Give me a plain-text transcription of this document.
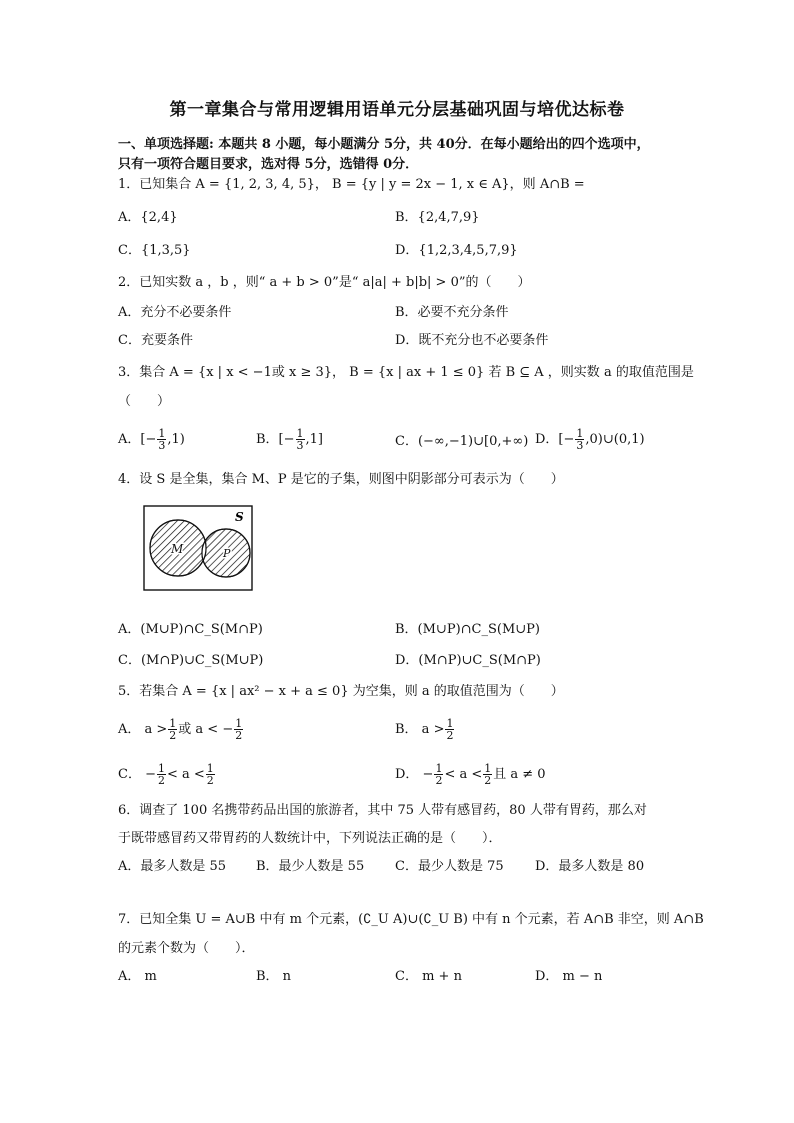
第一章集合与常用逻辑用语单元分层基础巩固与培优达标卷
一、单项选择题: 本题共 8 小题，每小题满分 5分，共 40分．在每小题给出的四个选项中，
只有一项符合题目要求，选对得 5分，选错得 0分．
1．已知集合 A = {1, 2, 3, 4, 5}， B = {y | y = 2x − 1, x ∈ A}，则 A∩B =
A．{2,4}	B．{2,4,7,9}
C．{1,3,5}	D．{1,2,3,4,5,7,9}
2．已知实数 a ，b ，则“ a + b > 0”是“ a|a| + b|b| > 0”的（　　）
A．充分不必要条件	B．必要不充分条件
C．充要条件	D．既不充分也不必要条件
3．集合 A = {x | x < −1或 x ≥ 3}， B = {x | ax + 1 ≤ 0} 若 B ⊆ A ，则实数 a 的取值范围是
（　　）
A．[− $\frac{1}{3} ,1$)	B．[− $\frac{1}{3} ,1$]	C．(−∞,−1)∪[0,+∞) D．[− $\frac{1}{3}$ ,0)∪(0,1)
4．设 S 是全集，集合 M、P 是它的子集，则图中阴影部分可表示为（　　）
S
M	P
A．(M∪P)∩C_S(M∩P)	B．(M∪P)∩C_S(M∪P)
C．(M∩P)∪C_S(M∪P)	D．(M∩P)∪C_S(M∩P)
5．若集合 A = {x | ax² − x + a ≤ 0} 为空集，则 a 的取值范围为（　　）
A． $a > \frac{1}{2}$ 或 a < − $\frac{1}{2}$	B． $a > \frac{1}{2}$
C． − $\frac{1}{2} < a < \frac{1}{2}$	D． − $\frac{1}{2} < a < \frac{1}{2}$ 且 a ≠ 0
6．调查了 100 名携带药品出国的旅游者，其中 75 人带有感冒药，80 人带有胃药，那么对
于既带感冒药又带胃药的人数统计中，下列说法正确的是（　　）．
A．最多人数是 55 B．最少人数是 55 C．最少人数是 75 D．最多人数是 80
7．已知全集 U = A∪B 中有 m 个元素，(∁_U A)∪(∁_U B) 中有 n 个元素，若 A∩B 非空，则 A∩B
的元素个数为（　　）．
A． m	B． n	C． m + n	D． m − n
